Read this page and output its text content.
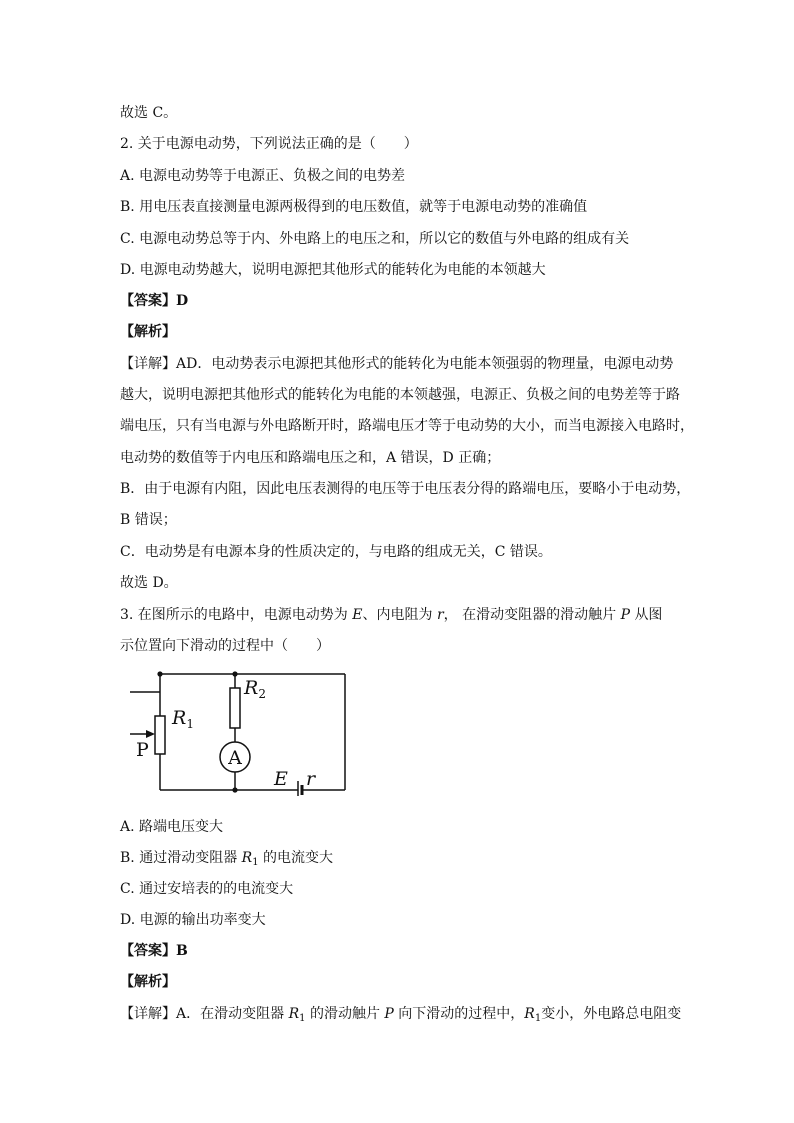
故选 C。
2. 关于电源电动势，下列说法正确的是（　　）
A. 电源电动势等于电源正、负极之间的电势差
B. 用电压表直接测量电源两极得到的电压数值，就等于电源电动势的准确值
C. 电源电动势总等于内、外电路上的电压之和，所以它的数值与外电路的组成有关
D. 电源电动势越大，说明电源把其他形式的能转化为电能的本领越大
【答案】D
【解析】
【详解】AD．电动势表示电源把其他形式的能转化为电能本领强弱的物理量，电源电动势
越大，说明电源把其他形式的能转化为电能的本领越强，电源正、负极之间的电势差等于路
端电压，只有当电源与外电路断开时，路端电压才等于电动势的大小，而当电源接入电路时，
电动势的数值等于内电压和路端电压之和，A 错误，D 正确；
B．由于电源有内阻，因此电压表测得的电压等于电压表分得的路端电压，要略小于电动势，
B 错误；
C．电动势是有电源本身的性质决定的，与电路的组成无关，C 错误。
故选 D。
3. 在图所示的电路中，电源电动势为 E、内电阻为 r， 在滑动变阻器的滑动触片 P 从图
示位置向下滑动的过程中（　　）
A
$R_1$
$R_2$
P
E r
A. 路端电压变大
B. 通过滑动变阻器 $R_1$ 的电流变大
C. 通过安培表的的电流变大
D. 电源的输出功率变大
【答案】B
【解析】
【详解】A．在滑动变阻器 $R_1$ 的滑动触片 P 向下滑动的过程中，$R_1$变小，外电路总电阻变
